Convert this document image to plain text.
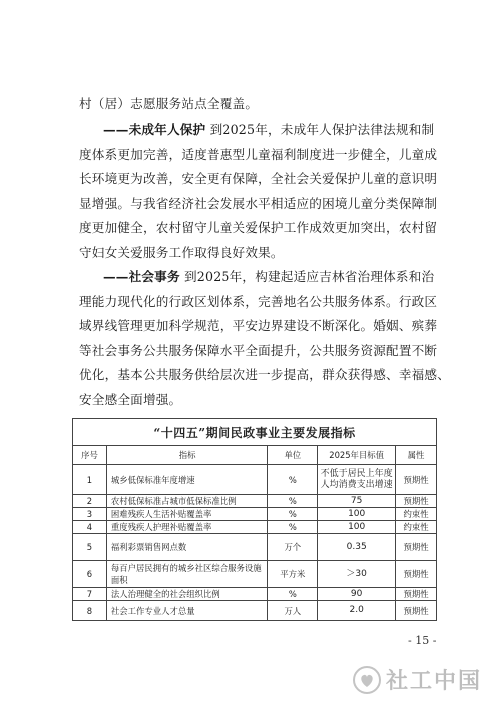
村（居）志愿服务站点全覆盖。
——未成年人保护 到2025年，未成年人保护法律法规和制
度体系更加完善，适度普惠型儿童福利制度进一步健全，儿童成
长环境更为改善，安全更有保障，全社会关爱保护儿童的意识明
显增强。与我省经济社会发展水平相适应的困境儿童分类保障制
度更加健全，农村留守儿童关爱保护工作成效更加突出，农村留
守妇女关爱服务工作取得良好效果。
——社会事务 到2025年，构建起适应吉林省治理体系和治
理能力现代化的行政区划体系，完善地名公共服务体系。行政区
域界线管理更加科学规范，平安边界建设不断深化。婚姻、殡葬
等社会事务公共服务保障水平全面提升，公共服务资源配置不断
优化，基本公共服务供给层次进一步提高，群众获得感、幸福感、
安全感全面增强。
“十四五”期间民政事业主要发展指标				
序号	指标	单位	2025年目标值	属性
1	城乡低保标准年度增速	%	不低于居民上年度人均消费支出增速	预期性
2	农村低保标准占城市低保标准比例	%	75	预期性
3	困难残疾人生活补贴覆盖率	%	100	约束性
4	重度残疾人护理补贴覆盖率	%	100	约束性
5	福利彩票销售网点数	万个	0.35	预期性
6	每百户居民拥有的城乡社区综合服务设施面积	平方米	＞30	预期性
7	法人治理健全的社会组织比例	%	90	预期性
8	社会工作专业人才总量	万人	2.0	预期性
- 15 -
社工中国
